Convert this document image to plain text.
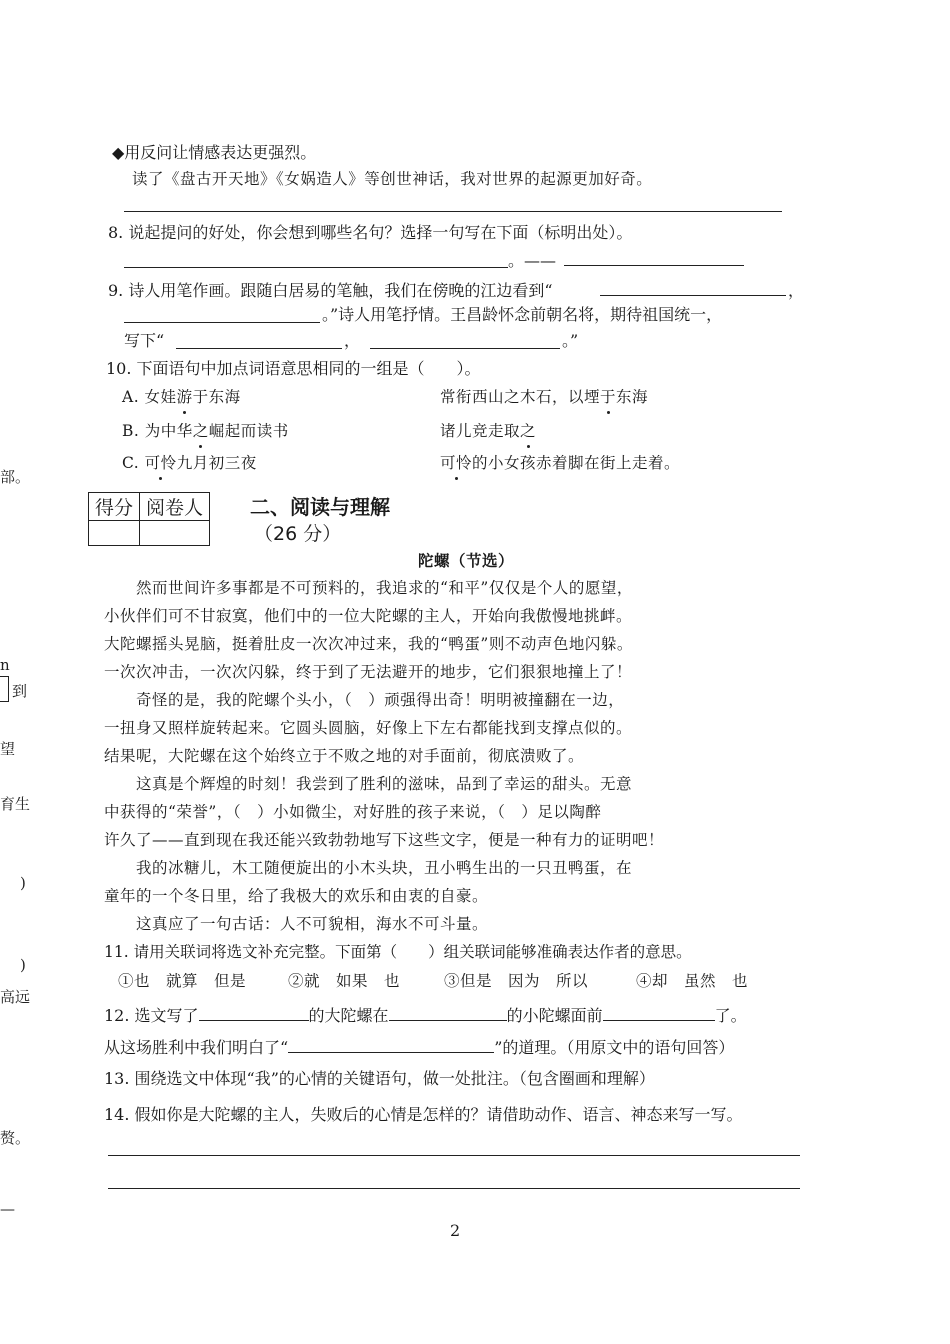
部。
n
到
望
育生
)
)
高远
赘。
—
◆用反问让情感表达更强烈。
读了《盘古开天地》《女娲造人》等创世神话，我对世界的起源更加好奇。
8. 说起提问的好处，你会想到哪些名句？选择一句写在下面（标明出处）。
。——
9. 诗人用笔作画。跟随白居易的笔触，我们在傍晚的江边看到“	，
。”诗人用笔抒情。王昌龄怀念前朝名将，期待祖国统一，
写下“	，	。”
10. 下面语句中加点词语意思相同的一组是（　　）。
A. 女娃游于东海	常衔西山之木石，以堙于东海
B. 为中华之崛起而读书	诸儿竞走取之
C. 可怜九月初三夜	可怜的小女孩赤着脚在街上走着。
得分	阅卷人
	二、阅读与理解
（26 分）
陀螺（节选）
　　然而世间许多事都是不可预料的，我追求的“和平”仅仅是个人的愿望，
小伙伴们可不甘寂寞，他们中的一位大陀螺的主人，开始向我傲慢地挑衅。
大陀螺摇头晃脑，挺着肚皮一次次冲过来，我的“鸭蛋”则不动声色地闪躲。
一次次冲击，一次次闪躲，终于到了无法避开的地步，它们狠狠地撞上了！
　　奇怪的是，我的陀螺个头小，（　）顽强得出奇！明明被撞翻在一边，
一扭身又照样旋转起来。它圆头圆脑，好像上下左右都能找到支撑点似的。
结果呢，大陀螺在这个始终立于不败之地的对手面前，彻底溃败了。
　　这真是个辉煌的时刻！我尝到了胜利的滋味，品到了幸运的甜头。无意
中获得的“荣誉”，（　）小如微尘，对好胜的孩子来说，（　）足以陶醉
许久了——直到现在我还能兴致勃勃地写下这些文字，便是一种有力的证明吧！
　　我的冰糖儿，木工随便旋出的小木头块，丑小鸭生出的一只丑鸭蛋，在
童年的一个冬日里，给了我极大的欢乐和由衷的自豪。
　　这真应了一句古话：人不可貌相，海水不可斗量。
11. 请用关联词将选文补充完整。下面第（　　）组关联词能够准确表达作者的意思。
①也　就算　但是	②就　如果　也	③但是　因为　所以	④却　虽然　也
12. 选文写了	的大陀螺在	的小陀螺面前	了。
从这场胜利中我们明白了“	”的道理。（用原文中的语句回答）
13. 围绕选文中体现“我”的心情的关键语句，做一处批注。（包含圈画和理解）
14. 假如你是大陀螺的主人，失败后的心情是怎样的？请借助动作、语言、神态来写一写。
2
